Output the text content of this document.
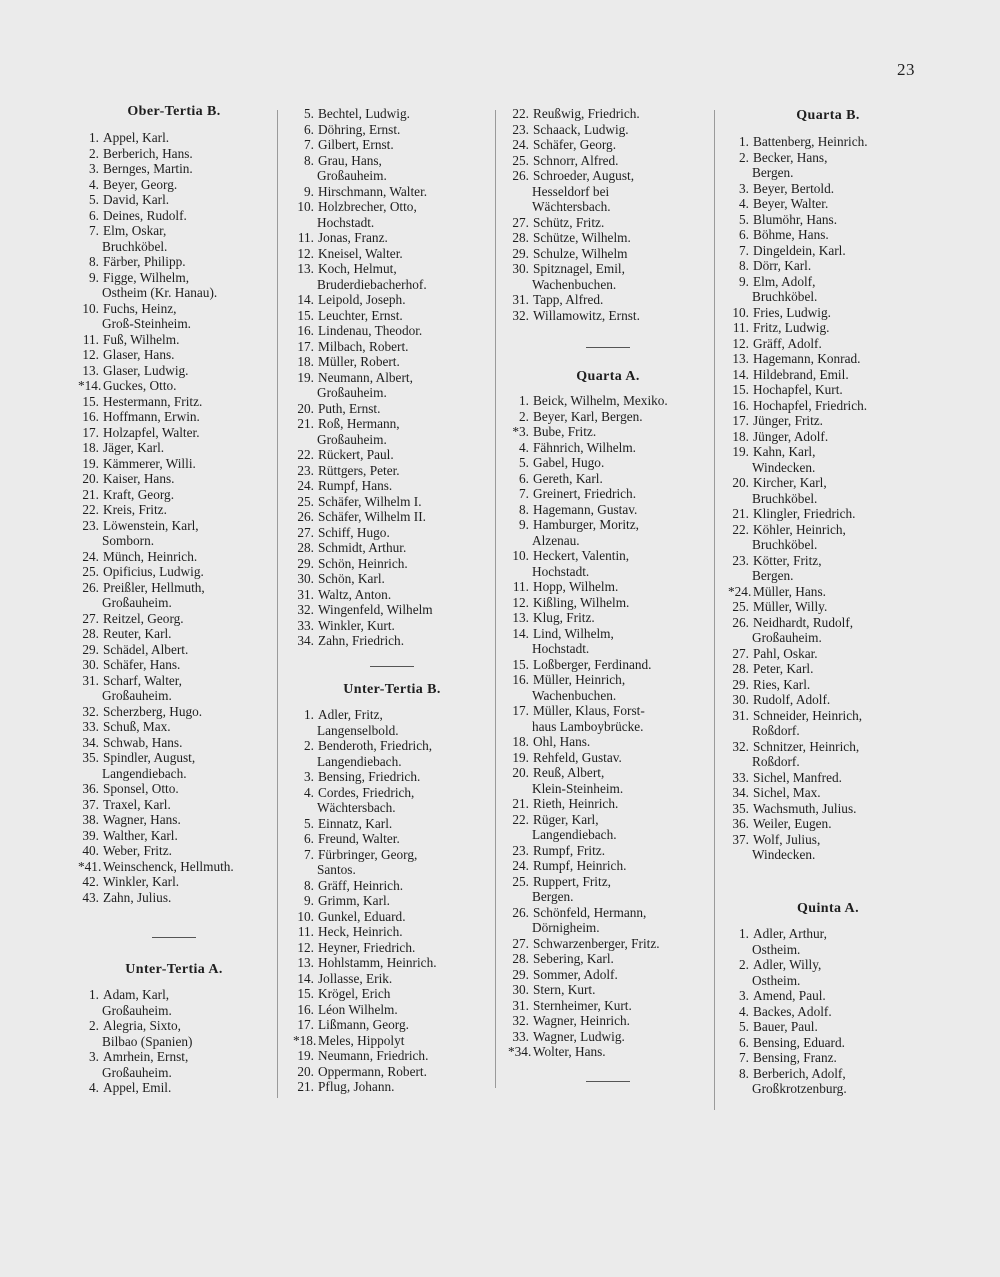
23
Ober-Tertia B.
1. Appel, Karl.
2. Berberich, Hans.
3. Bernges, Martin.
4. Beyer, Georg.
5. David, Karl.
6. Deines, Rudolf.
7. Elm, Oskar,
Bruchköbel.
8. Färber, Philipp.
9. Figge, Wilhelm,
Ostheim (Kr. Hanau).
10. Fuchs, Heinz,
Groß-Steinheim.
11. Fuß, Wilhelm.
12. Glaser, Hans.
13. Glaser, Ludwig.
*14. Guckes, Otto.
15. Hestermann, Fritz.
16. Hoffmann, Erwin.
17. Holzapfel, Walter.
18. Jäger, Karl.
19. Kämmerer, Willi.
20. Kaiser, Hans.
21. Kraft, Georg.
22. Kreis, Fritz.
23. Löwenstein, Karl,
Somborn.
24. Münch, Heinrich.
25. Opificius, Ludwig.
26. Preißler, Hellmuth,
Großauheim.
27. Reitzel, Georg.
28. Reuter, Karl.
29. Schädel, Albert.
30. Schäfer, Hans.
31. Scharf, Walter,
Großauheim.
32. Scherzberg, Hugo.
33. Schuß, Max.
34. Schwab, Hans.
35. Spindler, August,
Langendiebach.
36. Sponsel, Otto.
37. Traxel, Karl.
38. Wagner, Hans.
39. Walther, Karl.
40. Weber, Fritz.
*41. Weinschenck, Hellmuth.
42. Winkler, Karl.
43. Zahn, Julius.
Unter-Tertia A.
1. Adam, Karl,
Großauheim.
2. Alegria, Sixto,
Bilbao (Spanien)
3. Amrhein, Ernst,
Großauheim.
4. Appel, Emil.
5. Bechtel, Ludwig.
6. Döhring, Ernst.
7. Gilbert, Ernst.
8. Grau, Hans,
Großauheim.
9. Hirschmann, Walter.
10. Holzbrecher, Otto,
Hochstadt.
11. Jonas, Franz.
12. Kneisel, Walter.
13. Koch, Helmut,
Bruderdiebacherhof.
14. Leipold, Joseph.
15. Leuchter, Ernst.
16. Lindenau, Theodor.
17. Milbach, Robert.
18. Müller, Robert.
19. Neumann, Albert,
Großauheim.
20. Puth, Ernst.
21. Roß, Hermann,
Großauheim.
22. Rückert, Paul.
23. Rüttgers, Peter.
24. Rumpf, Hans.
25. Schäfer, Wilhelm I.
26. Schäfer, Wilhelm II.
27. Schiff, Hugo.
28. Schmidt, Arthur.
29. Schön, Heinrich.
30. Schön, Karl.
31. Waltz, Anton.
32. Wingenfeld, Wilhelm
33. Winkler, Kurt.
34. Zahn, Friedrich.
Unter-Tertia B.
1. Adler, Fritz,
Langenselbold.
2. Benderoth, Friedrich,
Langendiebach.
3. Bensing, Friedrich.
4. Cordes, Friedrich,
Wächtersbach.
5. Einnatz, Karl.
6. Freund, Walter.
7. Fürbringer, Georg,
Santos.
8. Gräff, Heinrich.
9. Grimm, Karl.
10. Gunkel, Eduard.
11. Heck, Heinrich.
12. Heyner, Friedrich.
13. Hohlstamm, Heinrich.
14. Jollasse, Erik.
15. Krögel, Erich
16. Léon Wilhelm.
17. Lißmann, Georg.
*18. Meles, Hippolyt
19. Neumann, Friedrich.
20. Oppermann, Robert.
21. Pflug, Johann.
22. Reußwig, Friedrich.
23. Schaack, Ludwig.
24. Schäfer, Georg.
25. Schnorr, Alfred.
26. Schroeder, August,
Hesseldorf bei
Wächtersbach.
27. Schütz, Fritz.
28. Schütze, Wilhelm.
29. Schulze, Wilhelm
30. Spitznagel, Emil,
Wachenbuchen.
31. Tapp, Alfred.
32. Willamowitz, Ernst.
Quarta A.
1. Beick, Wilhelm, Mexiko.
2. Beyer, Karl, Bergen.
*3. Bube, Fritz.
4. Fähnrich, Wilhelm.
5. Gabel, Hugo.
6. Gereth, Karl.
7. Greinert, Friedrich.
8. Hagemann, Gustav.
9. Hamburger, Moritz,
Alzenau.
10. Heckert, Valentin,
Hochstadt.
11. Hopp, Wilhelm.
12. Kißling, Wilhelm.
13. Klug, Fritz.
14. Lind, Wilhelm,
Hochstadt.
15. Loßberger, Ferdinand.
16. Müller, Heinrich,
Wachenbuchen.
17. Müller, Klaus, Forst-
haus Lamboybrücke.
18. Ohl, Hans.
19. Rehfeld, Gustav.
20. Reuß, Albert,
Klein-Steinheim.
21. Rieth, Heinrich.
22. Rüger, Karl,
Langendiebach.
23. Rumpf, Fritz.
24. Rumpf, Heinrich.
25. Ruppert, Fritz,
Bergen.
26. Schönfeld, Hermann,
Dörnigheim.
27. Schwarzenberger, Fritz.
28. Sebering, Karl.
29. Sommer, Adolf.
30. Stern, Kurt.
31. Sternheimer, Kurt.
32. Wagner, Heinrich.
33. Wagner, Ludwig.
*34. Wolter, Hans.
Quarta B.
1. Battenberg, Heinrich.
2. Becker, Hans,
Bergen.
3. Beyer, Bertold.
4. Beyer, Walter.
5. Blumöhr, Hans.
6. Böhme, Hans.
7. Dingeldein, Karl.
8. Dörr, Karl.
9. Elm, Adolf,
Bruchköbel.
10. Fries, Ludwig.
11. Fritz, Ludwig.
12. Gräff, Adolf.
13. Hagemann, Konrad.
14. Hildebrand, Emil.
15. Hochapfel, Kurt.
16. Hochapfel, Friedrich.
17. Jünger, Fritz.
18. Jünger, Adolf.
19. Kahn, Karl,
Windecken.
20. Kircher, Karl,
Bruchköbel.
21. Klingler, Friedrich.
22. Köhler, Heinrich,
Bruchköbel.
23. Kötter, Fritz,
Bergen.
*24. Müller, Hans.
25. Müller, Willy.
26. Neidhardt, Rudolf,
Großauheim.
27. Pahl, Oskar.
28. Peter, Karl.
29. Ries, Karl.
30. Rudolf, Adolf.
31. Schneider, Heinrich,
Roßdorf.
32. Schnitzer, Heinrich,
Roßdorf.
33. Sichel, Manfred.
34. Sichel, Max.
35. Wachsmuth, Julius.
36. Weiler, Eugen.
37. Wolf, Julius,
Windecken.
Quinta A.
1. Adler, Arthur,
Ostheim.
2. Adler, Willy,
Ostheim.
3. Amend, Paul.
4. Backes, Adolf.
5. Bauer, Paul.
6. Bensing, Eduard.
7. Bensing, Franz.
8. Berberich, Adolf,
Großkrotzenburg.
